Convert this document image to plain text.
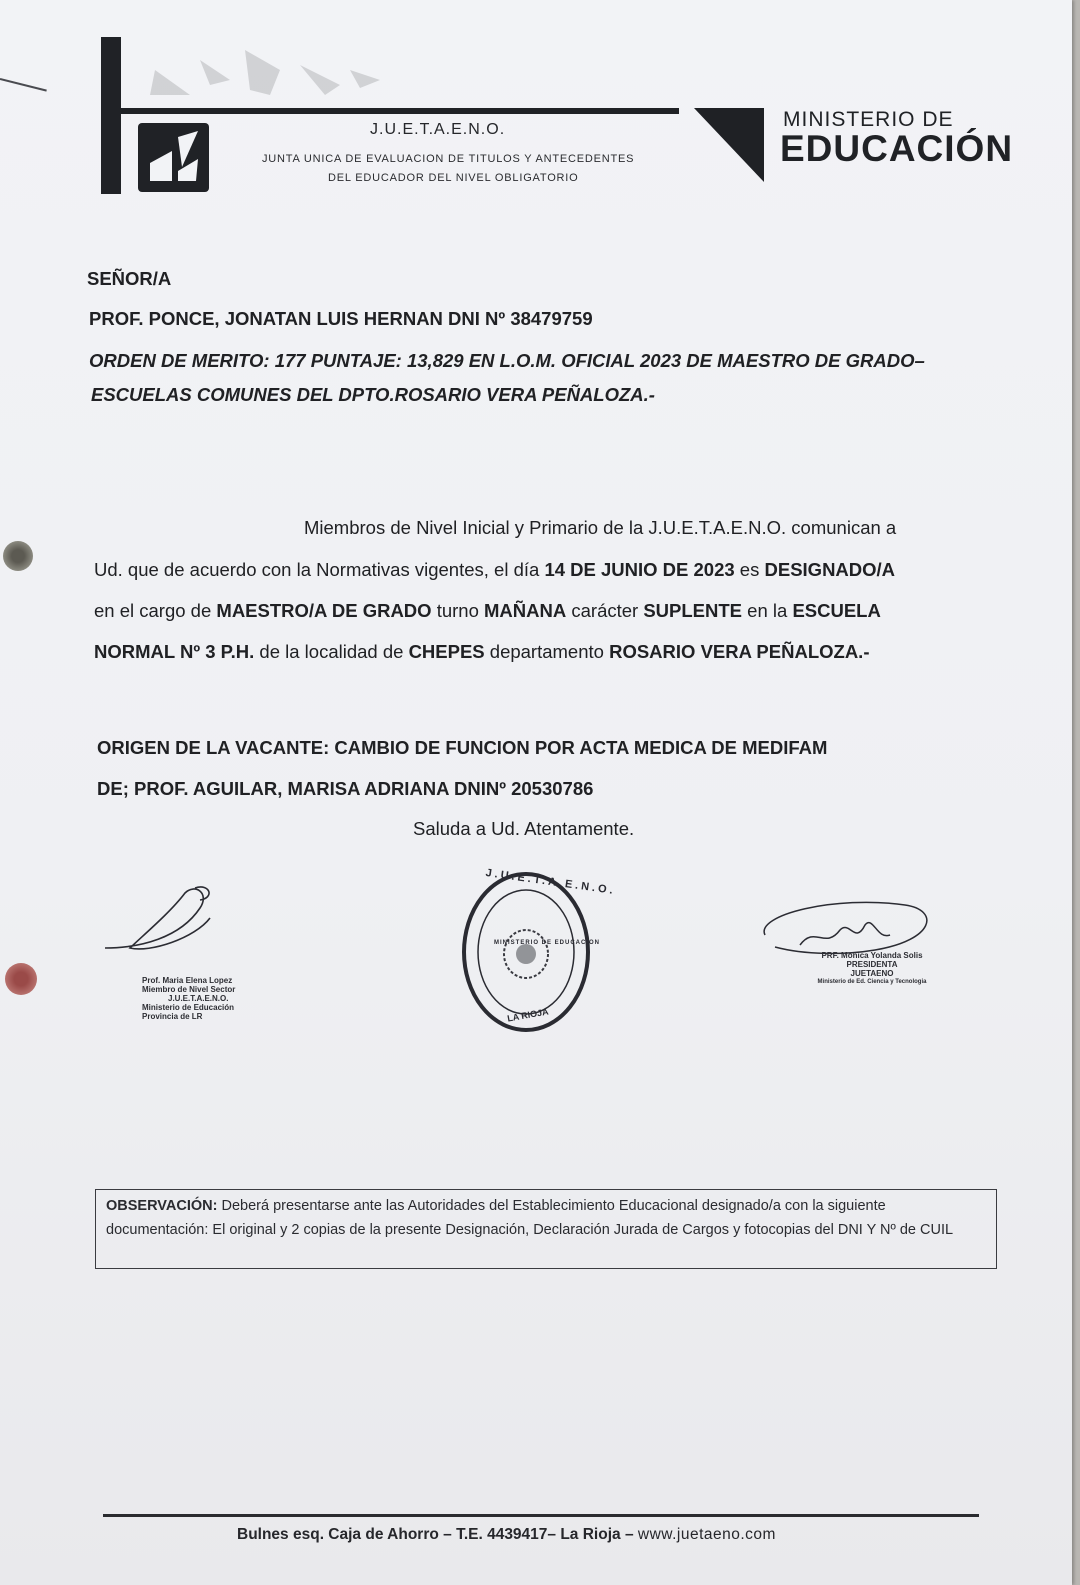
J.U.E.T.A.E.N.O.
JUNTA UNICA DE EVALUACION DE TITULOS Y ANTECEDENTES
DEL EDUCADOR DEL NIVEL OBLIGATORIO
MINISTERIO DE
EDUCACIÓN
SEÑOR/A
PROF. PONCE, JONATAN LUIS HERNAN DNI Nº 38479759
ORDEN DE MERITO: 177 PUNTAJE: 13,829 EN L.O.M. OFICIAL 2023 DE MAESTRO DE GRADO–
ESCUELAS COMUNES DEL DPTO.ROSARIO VERA PEÑALOZA.-
Miembros de Nivel Inicial y Primario de la J.U.E.T.A.E.N.O. comunican a
Ud. que de acuerdo con la Normativas vigentes, el día 14 DE JUNIO DE 2023 es DESIGNADO/A
en el cargo de MAESTRO/A DE GRADO turno MAÑANA carácter SUPLENTE en la ESCUELA
NORMAL Nº 3 P.H. de la localidad de CHEPES departamento ROSARIO VERA PEÑALOZA.-
ORIGEN DE LA VACANTE: CAMBIO DE FUNCION POR ACTA MEDICA DE MEDIFAM
DE; PROF. AGUILAR, MARISA ADRIANA DNINº 20530786
Saluda a Ud. Atentamente.
Prof. Maria Elena Lopez
Miembro de Nivel Sector
J.U.E.T.A.E.N.O.
Ministerio de Educación
Provincia de LR
J.U.E.T.A.E.N.O.
MINISTERIO DE EDUCACION
LA RIOJA
PRF. Monica Yolanda Solis
PRESIDENTA
JUETAENO
Ministerio de Ed. Ciencia y Tecnologia
OBSERVACIÓN: Deberá presentarse ante las Autoridades del Establecimiento Educacional designado/a con la siguiente documentación: El original y 2 copias de la presente Designación, Declaración Jurada de Cargos y fotocopias del DNI Y Nº de CUIL
Bulnes esq. Caja de Ahorro – T.E. 4439417– La Rioja – www.juetaeno.com
